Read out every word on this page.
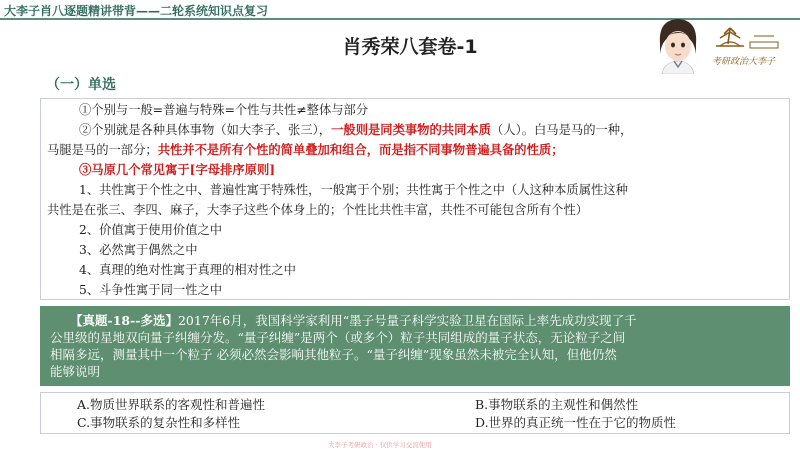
大李子肖八逐题精讲带背——二轮系统知识点复习
肖秀荣八套卷-1
考研政治大李子
（一）单选
①个别与一般=普遍与特殊=个性与共性≠整体与部分
②个别就是各种具体事物（如大李子、张三），一般则是同类事物的共同本质（人）。白马是马的一种，
马腿是马的一部分；共性并不是所有个性的简单叠加和组合，而是指不同事物普遍具备的性质；
③马原几个常见寓于[字母排序原则]
1、共性寓于个性之中、普遍性寓于特殊性，一般寓于个别；共性寓于个性之中（人这种本质属性这种
共性是在张三、李四、麻子，大李子这些个体身上的；个性比共性丰富，共性不可能包含所有个性）
2、价值寓于使用价值之中
3、必然寓于偶然之中
4、真理的绝对性寓于真理的相对性之中
5、斗争性寓于同一性之中
【真题-18--多选】2017年6月，我国科学家利用“墨子号量子科学实验卫星在国际上率先成功实现了千
公里级的星地双向量子纠缠分发。“量子纠缠”是两个（或多个）粒子共同组成的量子状态，无论粒子之间
相隔多远，测量其中一个粒子 必须必然会影响其他粒子。“量子纠缠”现象虽然未被完全认知，但他仍然
能够说明
A.物质世界联系的客观性和普遍性	B.事物联系的主观性和偶然性
C.事物联系的复杂性和多样性	D.世界的真正统一性在于它的物质性
大李子考研政治 · 仅供学习交流使用
